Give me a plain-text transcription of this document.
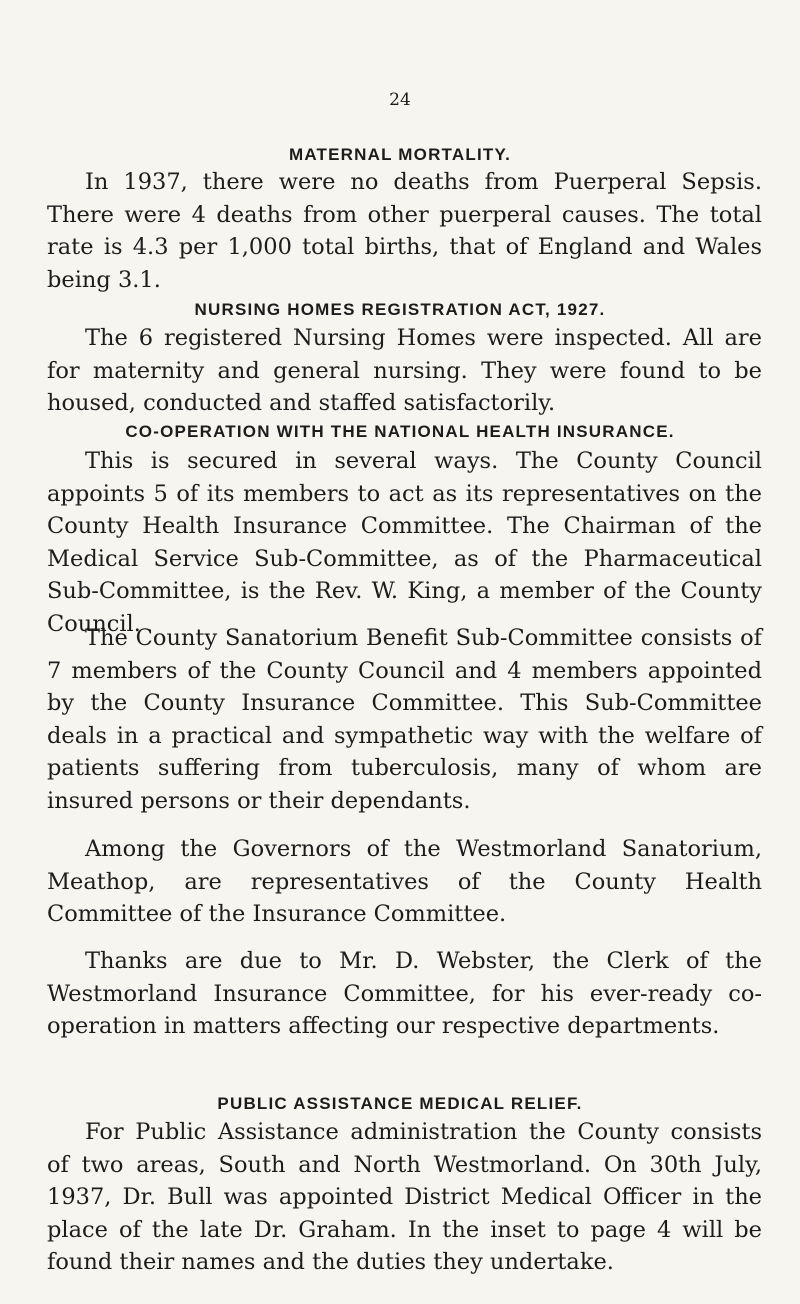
24
MATERNAL MORTALITY.

In 1937, there were no deaths from Puerperal Sepsis. There were 4 deaths from other puerperal causes. The total rate is 4.3 per 1,000 total births, that of England and Wales being 3.1.

NURSING HOMES REGISTRATION ACT, 1927.

The 6 registered Nursing Homes were inspected. All are for maternity and general nursing. They were found to be housed, conducted and staffed satisfactorily.

CO-OPERATION WITH THE NATIONAL HEALTH INSURANCE.

This is secured in several ways. The County Council appoints 5 of its members to act as its representatives on the County Health Insurance Committee. The Chairman of the Medical Service Sub-Committee, as of the Pharmaceutical Sub-Committee, is the Rev. W. King, a member of the County Council.

The County Sanatorium Benefit Sub-Committee consists of 7 members of the County Council and 4 members appointed by the County Insurance Committee. This Sub-Committee deals in a practical and sympathetic way with the welfare of patients suffering from tuberculosis, many of whom are insured persons or their dependants.

Among the Governors of the Westmorland Sanatorium, Meathop, are representatives of the County Health Committee of the Insurance Committee.

Thanks are due to Mr. D. Webster, the Clerk of the Westmorland Insurance Committee, for his ever-ready co-operation in matters affecting our respective departments.

PUBLIC ASSISTANCE MEDICAL RELIEF.

For Public Assistance administration the County consists of two areas, South and North Westmorland. On 30th July, 1937, Dr. Bull was appointed District Medical Officer in the place of the late Dr. Graham. In the inset to page 4 will be found their names and the duties they undertake.
